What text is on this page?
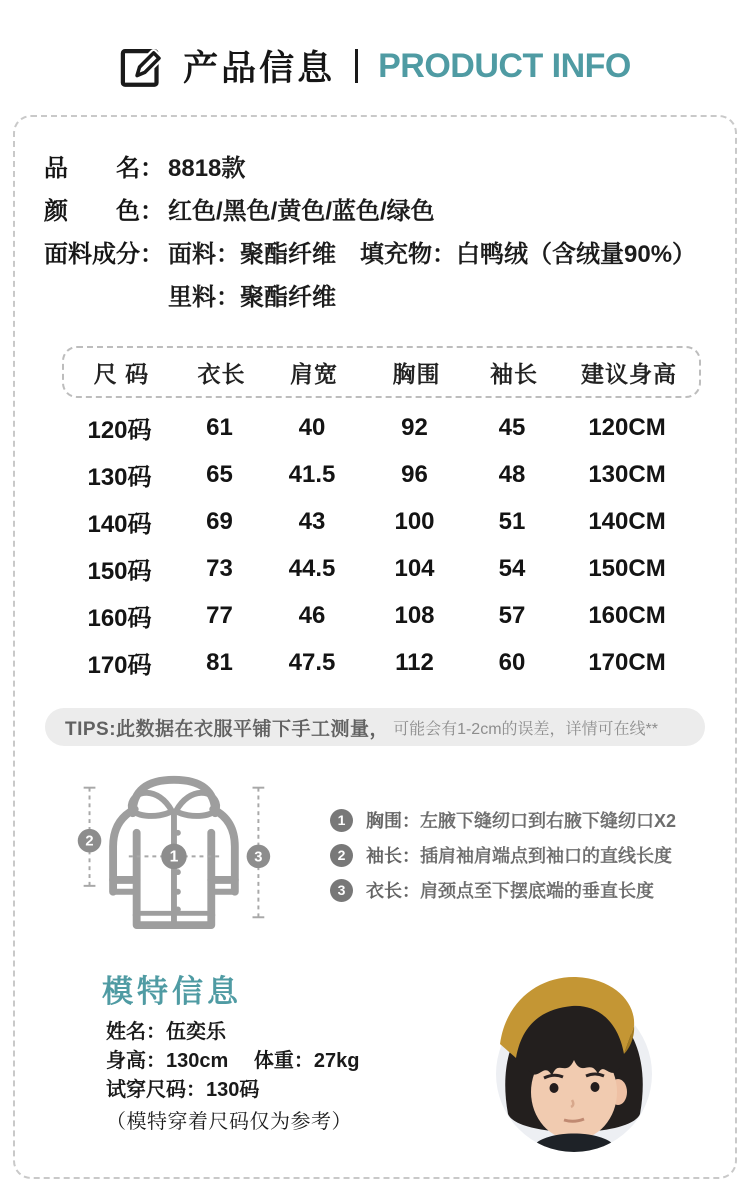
产品信息 PRODUCT INFO
品　　名： 8818款
颜　　色： 红色/黑色/黄色/蓝色/绿色
面料成分： 面料：聚酯纤维　填充物：白鸭绒（含绒量90%）
里料：聚酯纤维
尺 码	衣长	肩宽	胸围	袖长	建议身高
120码	61	40	92	45	120CM
130码	65	41.5	96	48	130CM
140码	69	43	100	51	140CM
150码	73	44.5	104	54	150CM
160码	77	46	108	57	160CM
170码	81	47.5	112	60	170CM
TIPS:此数据在衣服平铺下手工测量， 可能会有1-2cm的误差，详情可在线**
2
3
1
1	胸围： 左腋下缝纫口到右腋下缝纫口X2
2	袖长： 插肩袖肩端点到袖口的直线长度
3	衣长： 肩颈点至下摆底端的垂直长度
模特信息
姓名：伍奕乐
身高：130cm　 体重：27kg
试穿尺码：130码
（模特穿着尺码仅为参考）
